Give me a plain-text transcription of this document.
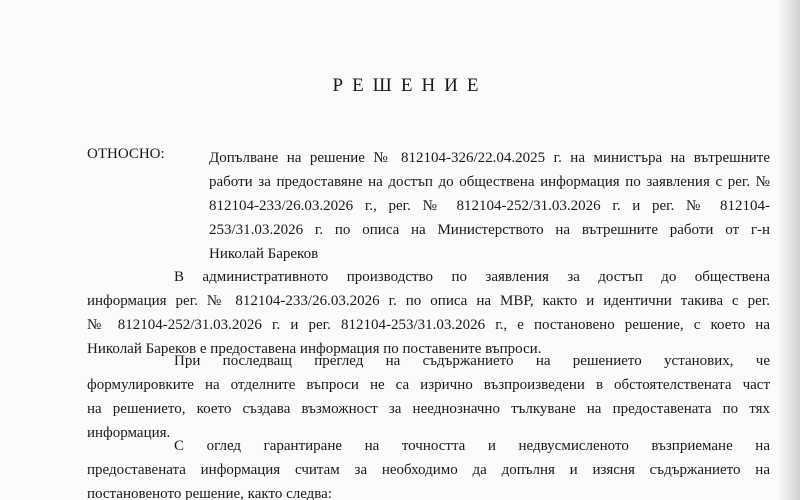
РЕШЕНИЕ
ОТНОСНО:	Допълване на решение № 812104-326/22.04.2025 г. на министъра на вътрешните
работи за предоставяне на достъп до обществена информация по заявления с рег. №
812104-233/26.03.2026 г., рег. № 812104-252/31.03.2026 г. и рег. № 812104-
253/31.03.2026 г. по описа на Министерството на вътрешните работи от г-н
Николай Бареков
В административното производство по заявления за достъп до обществена
информация рег. № 812104-233/26.03.2026 г. по описа на МВР, както и идентични такива с рег.
№ 812104-252/31.03.2026 г. и рег. 812104-253/31.03.2026 г., е постановено решение, с което на
Николай Бареков е предоставена информация по поставените въпроси.
При последващ преглед на съдържанието на решението установих, че
формулировките на отделните въпроси не са изрично възпроизведени в обстоятелствената част
на решението, което създава възможност за нееднозначно тълкуване на предоставената по тях
информация.
С оглед гарантиране на точността и недвусмисленото възприемане на
предоставената информация считам за необходимо да допълня и изясня съдържанието на
постановеното решение, както следва:
